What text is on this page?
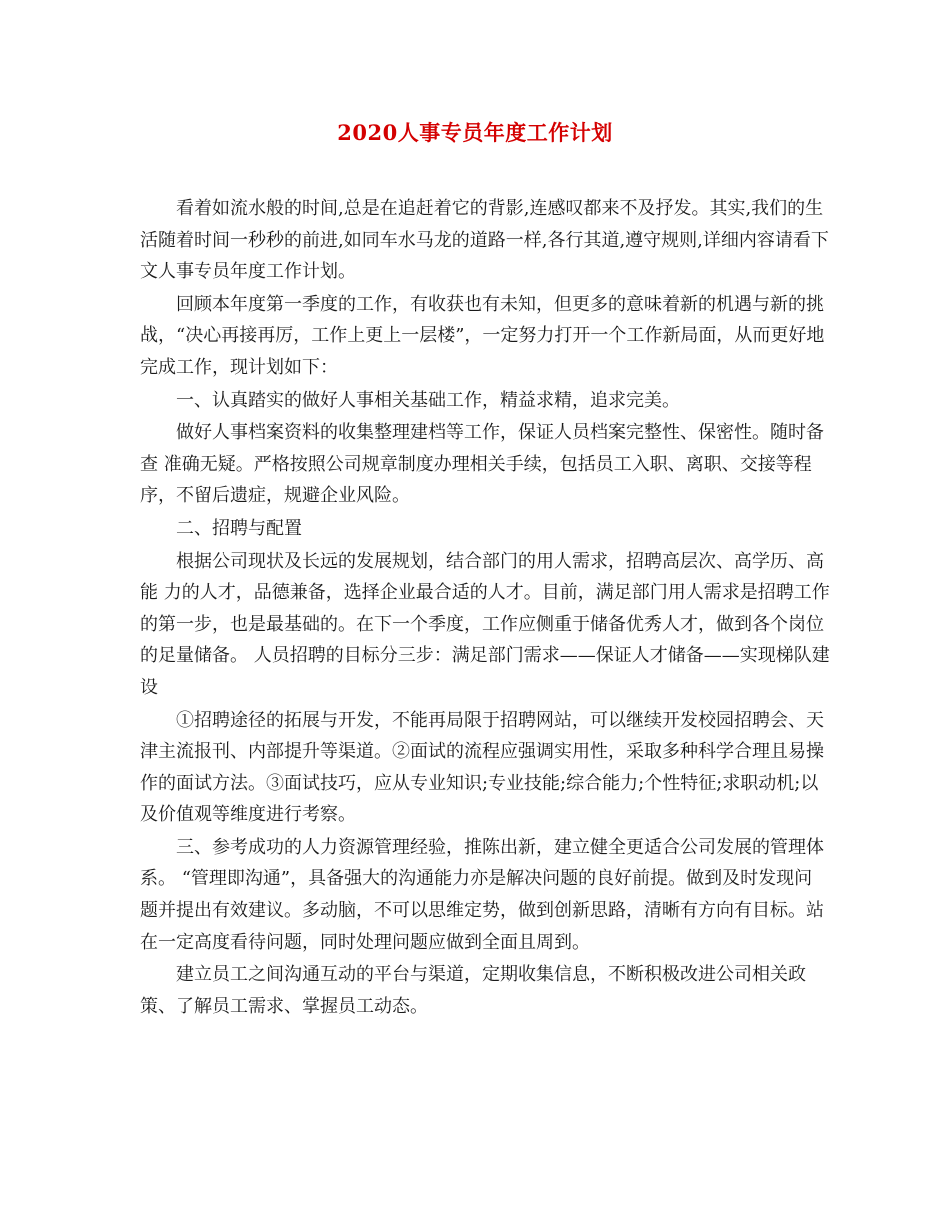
2020人事专员年度工作计划

看着如流水般的时间,总是在追赶着它的背影,连感叹都来不及抒发。其实,我们的生活随着时间一秒秒的前进,如同车水马龙的道路一样,各行其道,遵守规则,详细内容请看下文人事专员年度工作计划。

回顾本年度第一季度的工作，有收获也有未知，但更多的意味着新的机遇与新的挑战，“决心再接再厉，工作上更上一层楼”，一定努力打开一个工作新局面，从而更好地完成工作，现计划如下：

一、认真踏实的做好人事相关基础工作，精益求精，追求完美。

做好人事档案资料的收集整理建档等工作，保证人员档案完整性、保密性。随时备查 准确无疑。严格按照公司规章制度办理相关手续，包括员工入职、离职、交接等程序，不留后遗症，规避企业风险。

二、招聘与配置

根据公司现状及长远的发展规划，结合部门的用人需求，招聘高层次、高学历、高能 力的人才，品德兼备，选择企业最合适的人才。目前，满足部门用人需求是招聘工作的第一步，也是最基础的。在下一个季度，工作应侧重于储备优秀人才，做到各个岗位的足量储备。 人员招聘的目标分三步：满足部门需求——保证人才储备——实现梯队建设

①招聘途径的拓展与开发，不能再局限于招聘网站，可以继续开发校园招聘会、天津主流报刊、内部提升等渠道。②面试的流程应强调实用性，采取多种科学合理且易操作的面试方法。③面试技巧，应从专业知识;专业技能;综合能力;个性特征;求职动机;以及价值观等维度进行考察。

三、参考成功的人力资源管理经验，推陈出新，建立健全更适合公司发展的管理体系。 “管理即沟通”，具备强大的沟通能力亦是解决问题的良好前提。做到及时发现问题并提出有效建议。多动脑，不可以思维定势，做到创新思路，清晰有方向有目标。站在一定高度看待问题，同时处理问题应做到全面且周到。

建立员工之间沟通互动的平台与渠道，定期收集信息，不断积极改进公司相关政策、了解员工需求、掌握员工动态。
